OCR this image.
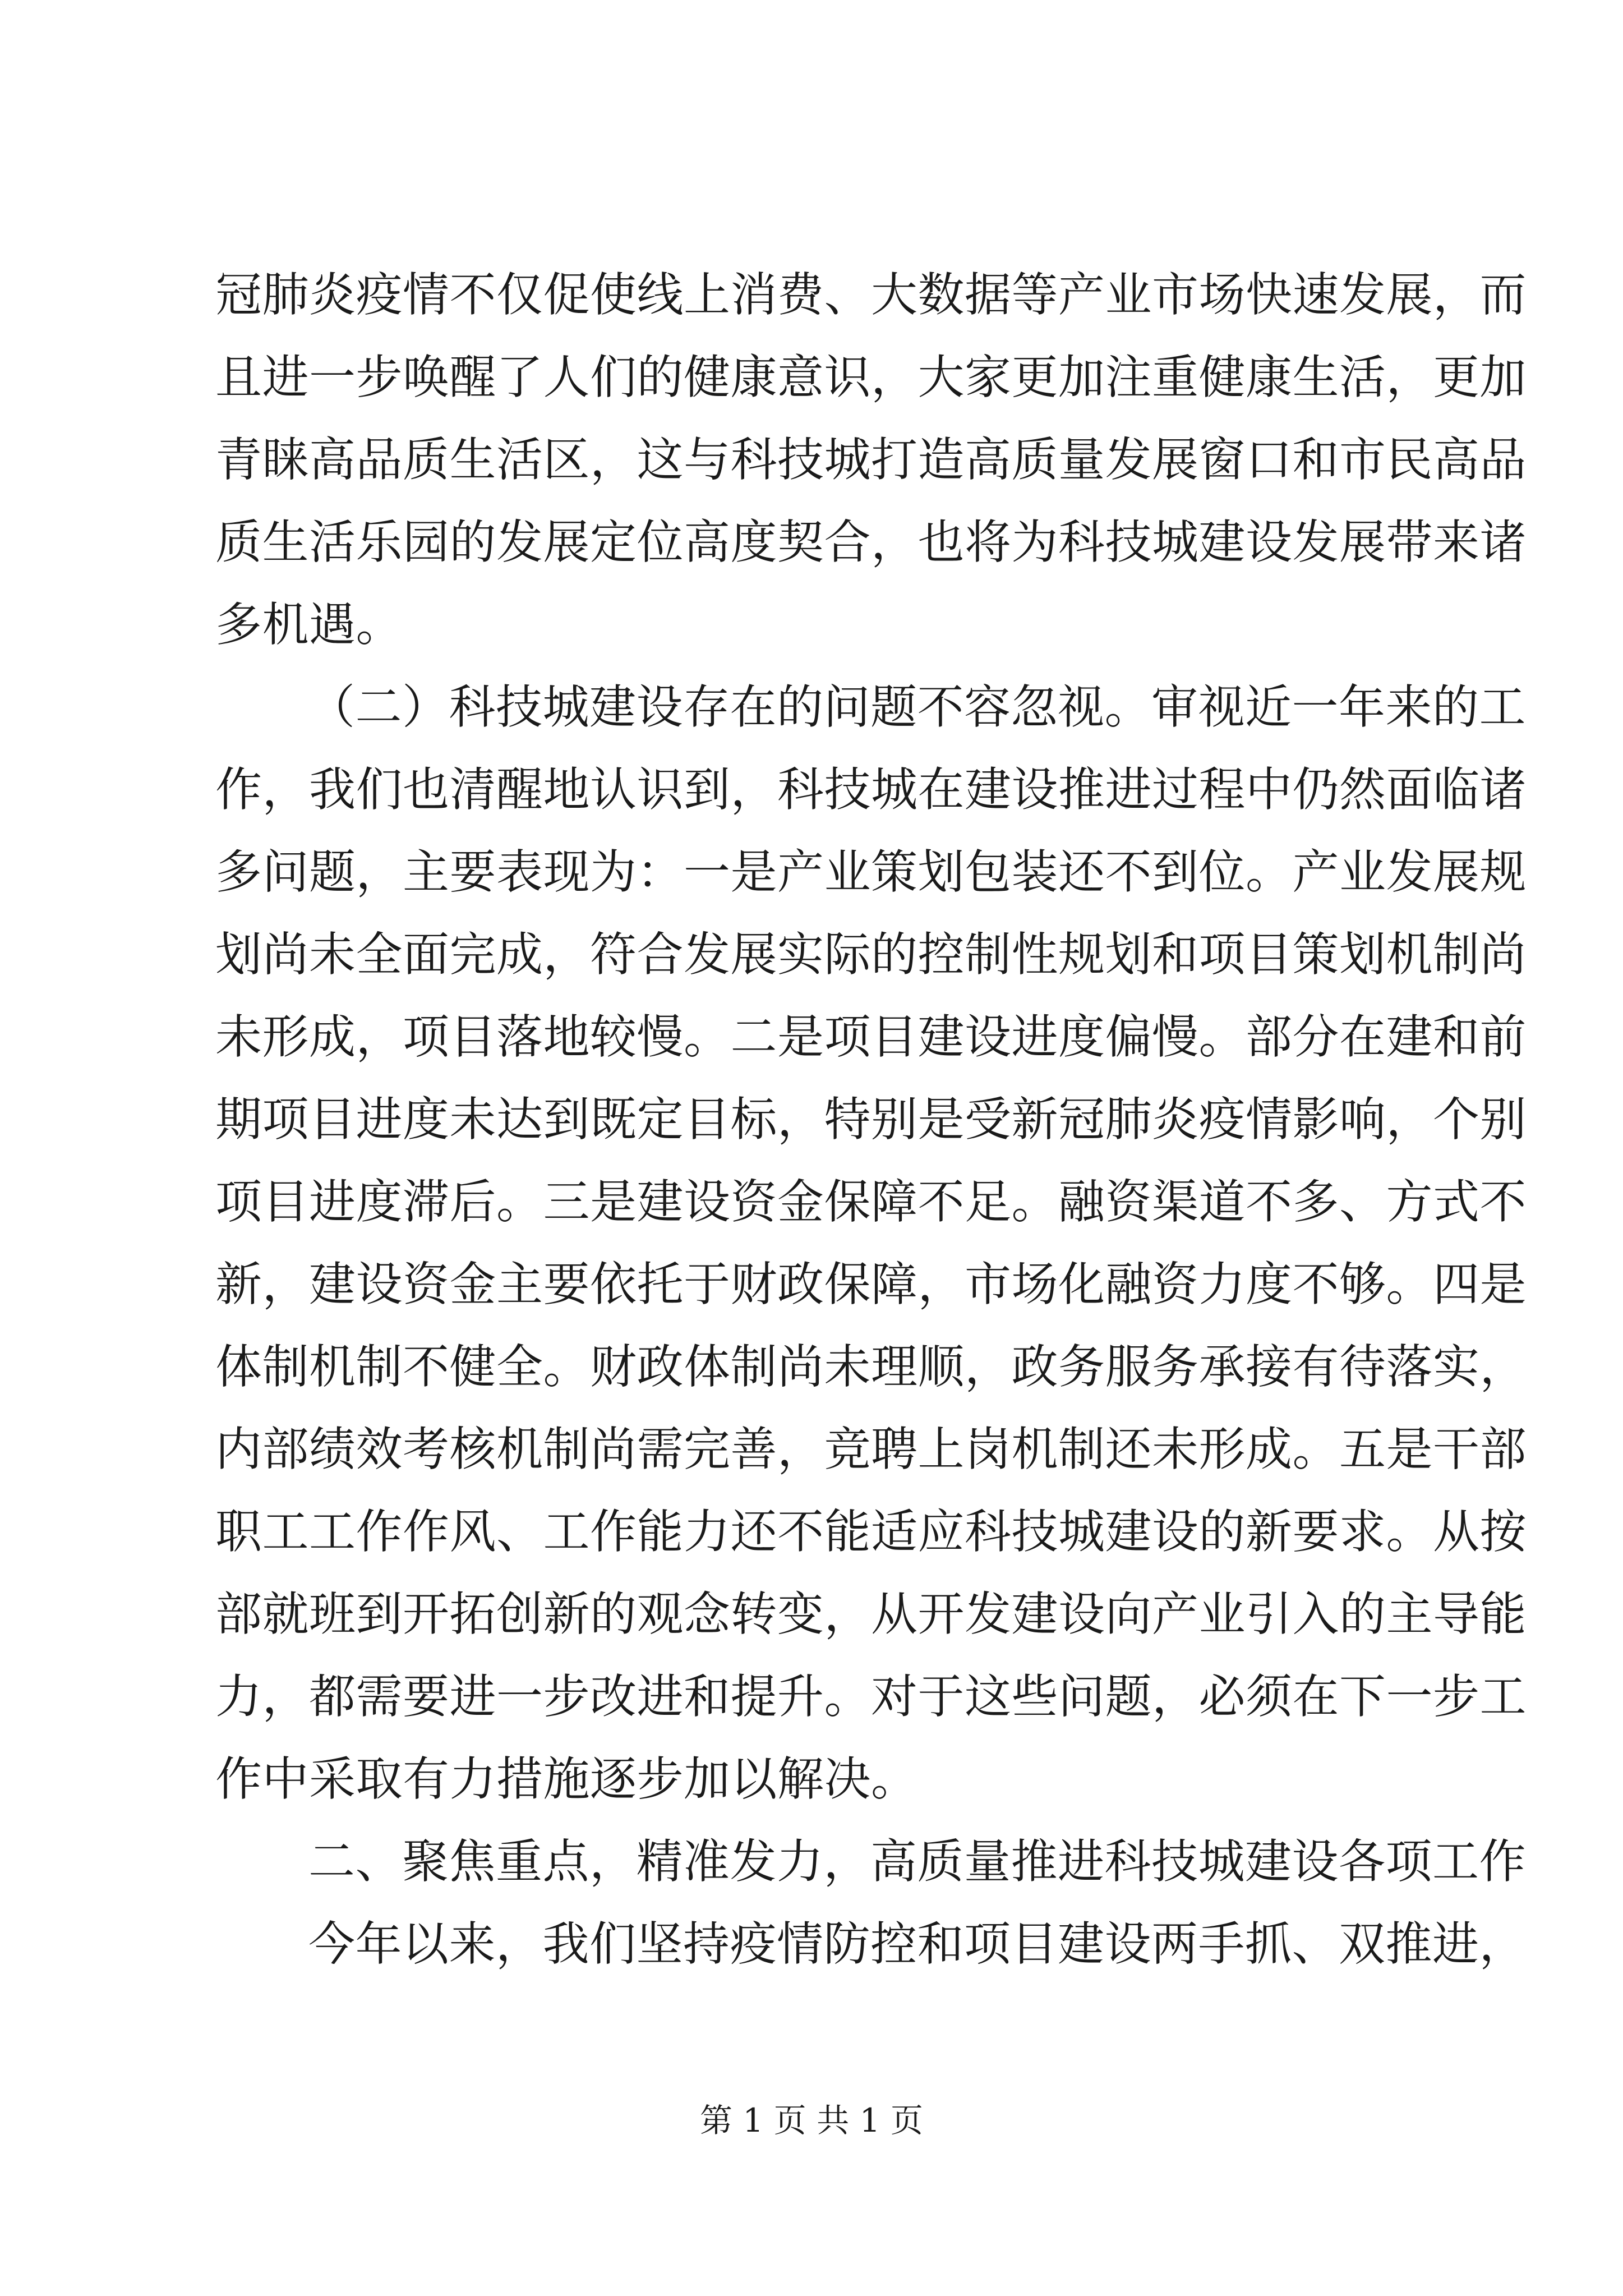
冠肺炎疫情不仅促使线上消费、大数据等产业市场快速发展，而
且进一步唤醒了人们的健康意识，大家更加注重健康生活，更加
青睐高品质生活区，这与科技城打造高质量发展窗口和市民高品
质生活乐园的发展定位高度契合，也将为科技城建设发展带来诸
多机遇。
（二）科技城建设存在的问题不容忽视。审视近一年来的工
作，我们也清醒地认识到，科技城在建设推进过程中仍然面临诸
多问题，主要表现为：一是产业策划包装还不到位。产业发展规
划尚未全面完成，符合发展实际的控制性规划和项目策划机制尚
未形成，项目落地较慢。二是项目建设进度偏慢。部分在建和前
期项目进度未达到既定目标，特别是受新冠肺炎疫情影响，个别
项目进度滞后。三是建设资金保障不足。融资渠道不多、方式不
新，建设资金主要依托于财政保障，市场化融资力度不够。四是
体制机制不健全。财政体制尚未理顺，政务服务承接有待落实，
内部绩效考核机制尚需完善，竞聘上岗机制还未形成。五是干部
职工工作作风、工作能力还不能适应科技城建设的新要求。从按
部就班到开拓创新的观念转变，从开发建设向产业引入的主导能
力，都需要进一步改进和提升。对于这些问题，必须在下一步工
作中采取有力措施逐步加以解决。
二、聚焦重点，精准发力，高质量推进科技城建设各项工作
今年以来，我们坚持疫情防控和项目建设两手抓、双推进，
第 1 页 共 1 页
